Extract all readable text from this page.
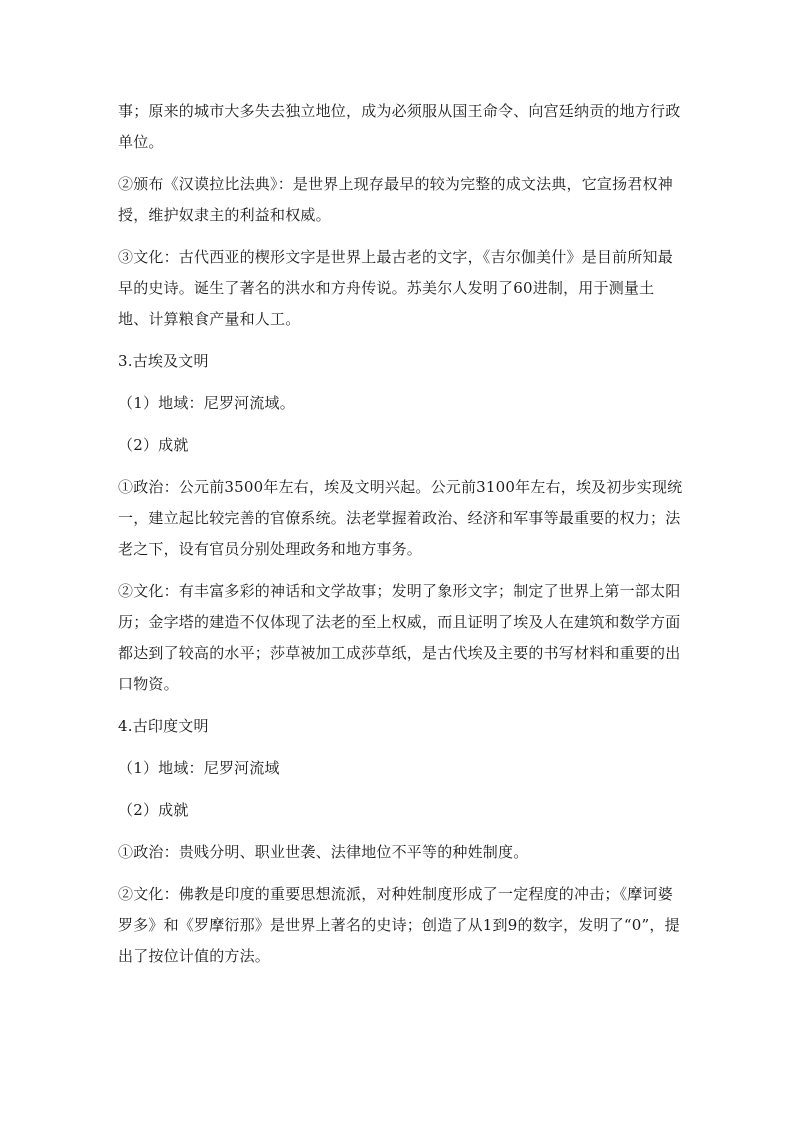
事；原来的城市大多失去独立地位，成为必须服从国王命令、向宫廷纳贡的地方行政单位。

②颁布《汉谟拉比法典》：是世界上现存最早的较为完整的成文法典，它宣扬君权神授，维护奴隶主的利益和权威。

③文化：古代西亚的楔形文字是世界上最古老的文字，《吉尔伽美什》是目前所知最早的史诗。诞生了著名的洪水和方舟传说。苏美尔人发明了60进制，用于测量土地、计算粮食产量和人工。

3.古埃及文明

（1）地域：尼罗河流域。

（2）成就

①政治：公元前3500年左右，埃及文明兴起。公元前3100年左右，埃及初步实现统一，建立起比较完善的官僚系统。法老掌握着政治、经济和军事等最重要的权力；法老之下，设有官员分别处理政务和地方事务。

②文化：有丰富多彩的神话和文学故事；发明了象形文字；制定了世界上第一部太阳历；金字塔的建造不仅体现了法老的至上权威，而且证明了埃及人在建筑和数学方面都达到了较高的水平；莎草被加工成莎草纸，是古代埃及主要的书写材料和重要的出口物资。

4.古印度文明

（1）地域：尼罗河流域

（2）成就

①政治：贵贱分明、职业世袭、法律地位不平等的种姓制度。

②文化：佛教是印度的重要思想流派，对种姓制度形成了一定程度的冲击；《摩诃婆罗多》和《罗摩衍那》是世界上著名的史诗；创造了从1到9的数字，发明了“0”，提出了按位计值的方法。
